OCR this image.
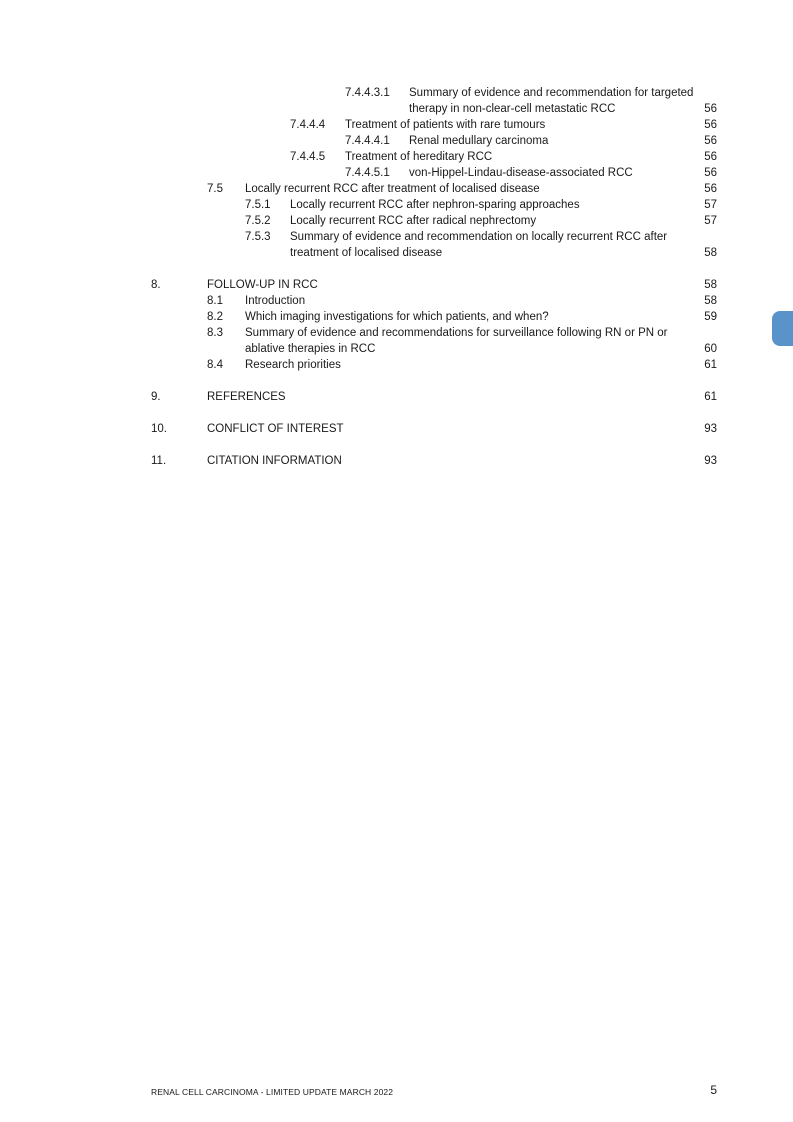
7.4.4.3.1 Summary of evidence and recommendation for targeted
therapy in non-clear-cell metastatic RCC	56
7.4.4.4 Treatment of patients with rare tumours	56
7.4.4.4.1 Renal medullary carcinoma	56
7.4.4.5 Treatment of hereditary RCC	56
7.4.4.5.1 von-Hippel-Lindau-disease-associated RCC	56
7.5 Locally recurrent RCC after treatment of localised disease	56
7.5.1 Locally recurrent RCC after nephron-sparing approaches	57
7.5.2 Locally recurrent RCC after radical nephrectomy	57
7.5.3 Summary of evidence and recommendation on locally recurrent RCC after
treatment of localised disease	58
8.	FOLLOW-UP IN RCC	58
8.1 Introduction	58
8.2 Which imaging investigations for which patients, and when?	59
8.3 Summary of evidence and recommendations for surveillance following RN or PN or
ablative therapies in RCC	60
8.4 Research priorities	61
9.	REFERENCES	61
10.	CONFLICT OF INTEREST	93
11.	CITATION INFORMATION	93
RENAL CELL CARCINOMA - LIMITED UPDATE MARCH 2022	5
